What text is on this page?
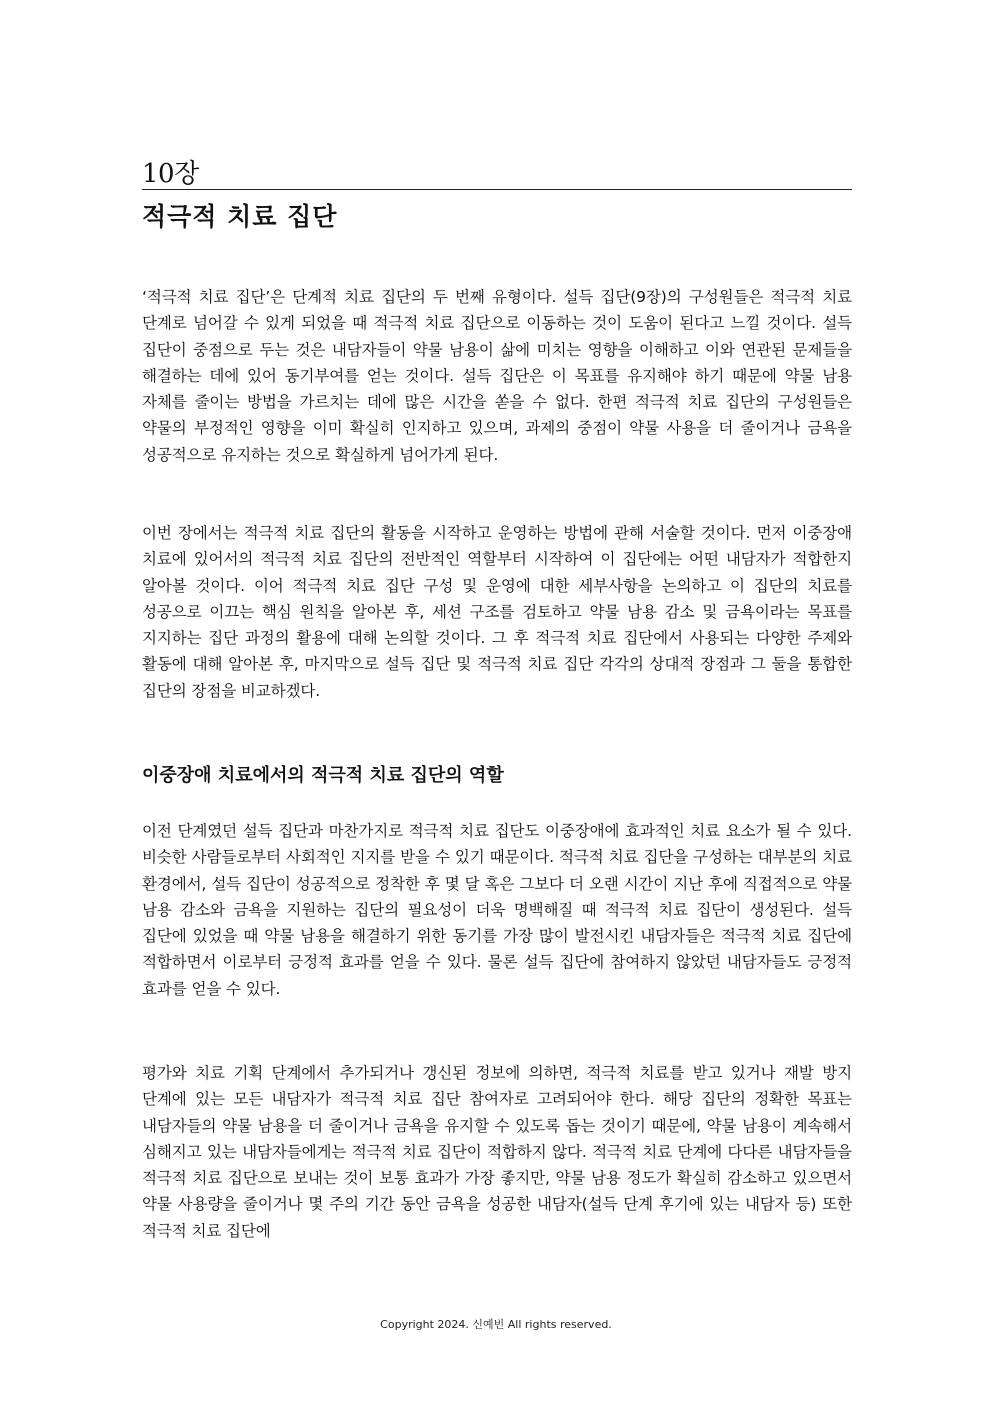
10장
적극적 치료 집단

‘적극적 치료 집단’은 단계적 치료 집단의 두 번째 유형이다. 설득 집단(9장)의 구성원들은 적극적 치료 단계로 넘어갈 수 있게 되었을 때 적극적 치료 집단으로 이동하는 것이 도움이 된다고 느낄 것이다. 설득 집단이 중점으로 두는 것은 내담자들이 약물 남용이 삶에 미치는 영향을 이해하고 이와 연관된 문제들을 해결하는 데에 있어 동기부여를 얻는 것이다. 설득 집단은 이 목표를 유지해야 하기 때문에 약물 남용 자체를 줄이는 방법을 가르치는 데에 많은 시간을 쏟을 수 없다. 한편 적극적 치료 집단의 구성원들은 약물의 부정적인 영향을 이미 확실히 인지하고 있으며, 과제의 중점이 약물 사용을 더 줄이거나 금욕을 성공적으로 유지하는 것으로 확실하게 넘어가게 된다.

이번 장에서는 적극적 치료 집단의 활동을 시작하고 운영하는 방법에 관해 서술할 것이다. 먼저 이중장애 치료에 있어서의 적극적 치료 집단의 전반적인 역할부터 시작하여 이 집단에는 어떤 내담자가 적합한지 알아볼 것이다. 이어 적극적 치료 집단 구성 및 운영에 대한 세부사항을 논의하고 이 집단의 치료를 성공으로 이끄는 핵심 원칙을 알아본 후, 세션 구조를 검토하고 약물 남용 감소 및 금욕이라는 목표를 지지하는 집단 과정의 활용에 대해 논의할 것이다. 그 후 적극적 치료 집단에서 사용되는 다양한 주제와 활동에 대해 알아본 후, 마지막으로 설득 집단 및 적극적 치료 집단 각각의 상대적 장점과 그 둘을 통합한 집단의 장점을 비교하겠다.

이중장애 치료에서의 적극적 치료 집단의 역할

이전 단계였던 설득 집단과 마찬가지로 적극적 치료 집단도 이중장애에 효과적인 치료 요소가 될 수 있다. 비슷한 사람들로부터 사회적인 지지를 받을 수 있기 때문이다. 적극적 치료 집단을 구성하는 대부분의 치료 환경에서, 설득 집단이 성공적으로 정착한 후 몇 달 혹은 그보다 더 오랜 시간이 지난 후에 직접적으로 약물 남용 감소와 금욕을 지원하는 집단의 필요성이 더욱 명백해질 때 적극적 치료 집단이 생성된다. 설득 집단에 있었을 때 약물 남용을 해결하기 위한 동기를 가장 많이 발전시킨 내담자들은 적극적 치료 집단에 적합하면서 이로부터 긍정적 효과를 얻을 수 있다. 물론 설득 집단에 참여하지 않았던 내담자들도 긍정적 효과를 얻을 수 있다.

평가와 치료 기획 단계에서 추가되거나 갱신된 정보에 의하면, 적극적 치료를 받고 있거나 재발 방지 단계에 있는 모든 내담자가 적극적 치료 집단 참여자로 고려되어야 한다. 해당 집단의 정확한 목표는 내담자들의 약물 남용을 더 줄이거나 금욕을 유지할 수 있도록 돕는 것이기 때문에, 약물 남용이 계속해서 심해지고 있는 내담자들에게는 적극적 치료 집단이 적합하지 않다. 적극적 치료 단계에 다다른 내담자들을 적극적 치료 집단으로 보내는 것이 보통 효과가 가장 좋지만, 약물 남용 정도가 확실히 감소하고 있으면서 약물 사용량을 줄이거나 몇 주의 기간 동안 금욕을 성공한 내담자(설득 단계 후기에 있는 내담자 등) 또한 적극적 치료 집단에

Copyright 2024. 신예빈 All rights reserved.
